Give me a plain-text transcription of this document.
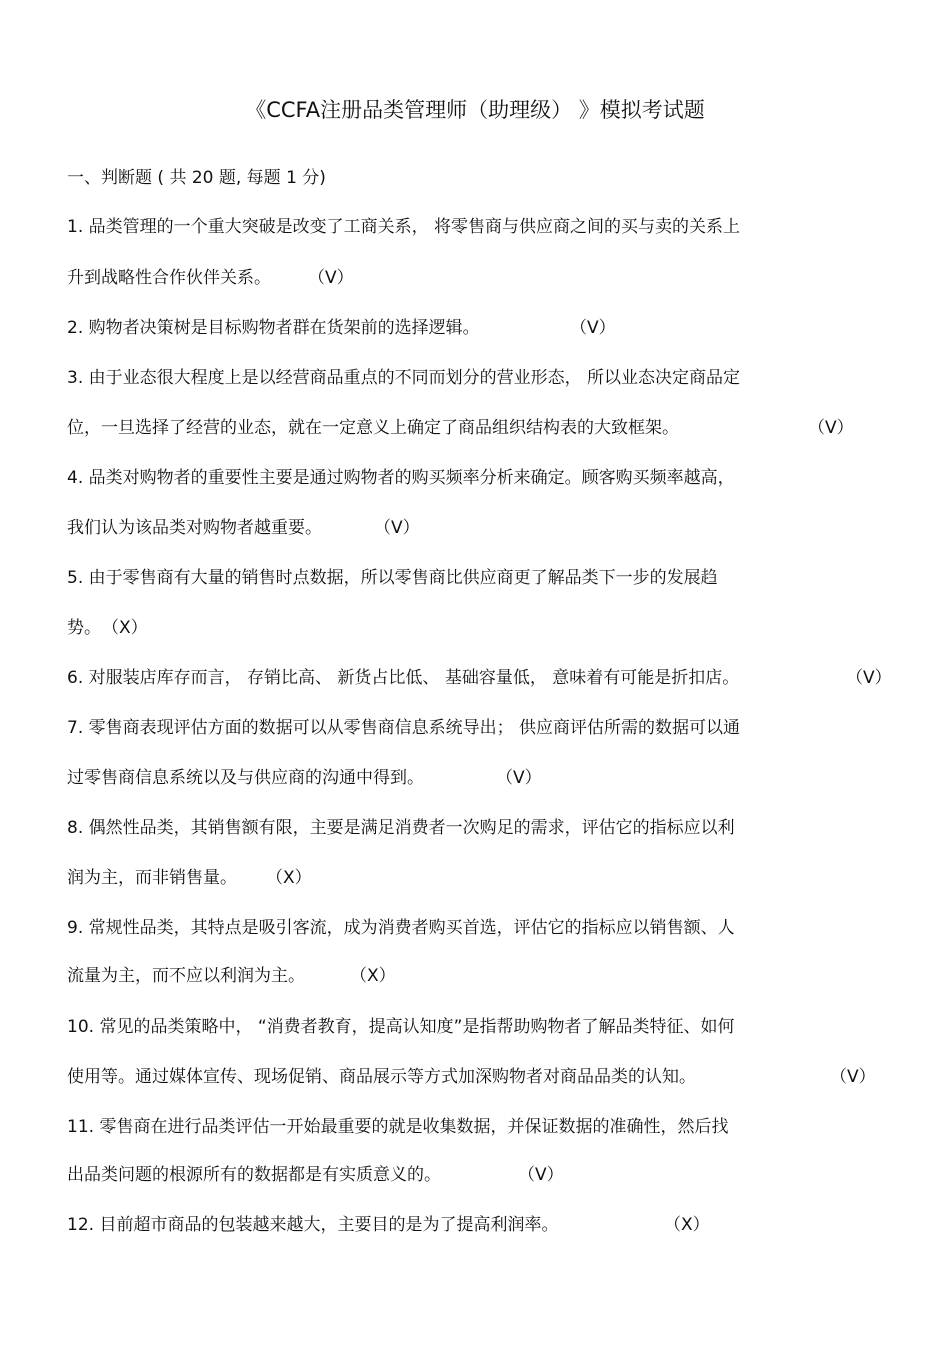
《CCFA注册品类管理师（助理级） 》模拟考试题
一、判断题 ( 共 20 题, 每题 1 分)
1. 品类管理的一个重大突破是改变了工商关系， 将零售商与供应商之间的买与卖的关系上
升到战略性合作伙伴关系。 （V）
2. 购物者决策树是目标购物者群在货架前的选择逻辑。	（V）
3. 由于业态很大程度上是以经营商品重点的不同而划分的营业形态， 所以业态决定商品定
位，一旦选择了经营的业态，就在一定意义上确定了商品组织结构表的大致框架。	（V）
4. 品类对购物者的重要性主要是通过购物者的购买频率分析来确定。顾客购买频率越高，
我们认为该品类对购物者越重要。	（V）
5. 由于零售商有大量的销售时点数据，所以零售商比供应商更了解品类下一步的发展趋
势。 （X）
6. 对服装店库存而言， 存销比高、 新货占比低、 基础容量低， 意味着有可能是折扣店。	（V）
7. 零售商表现评估方面的数据可以从零售商信息系统导出； 供应商评估所需的数据可以通
过零售商信息系统以及与供应商的沟通中得到。	（V）
8. 偶然性品类，其销售额有限，主要是满足消费者一次购足的需求，评估它的指标应以利
润为主，而非销售量。 （X）
9. 常规性品类，其特点是吸引客流，成为消费者购买首选，评估它的指标应以销售额、人
流量为主，而不应以利润为主。	（X）
10. 常见的品类策略中， “消费者教育，提高认知度”是指帮助购物者了解品类特征、如何
使用等。通过媒体宣传、现场促销、商品展示等方式加深购物者对商品品类的认知。	（V）
11. 零售商在进行品类评估一开始最重要的就是收集数据，并保证数据的准确性，然后找
出品类问题的根源所有的数据都是有实质意义的。	（V）
12. 目前超市商品的包装越来越大，主要目的是为了提高利润率。	（X）
